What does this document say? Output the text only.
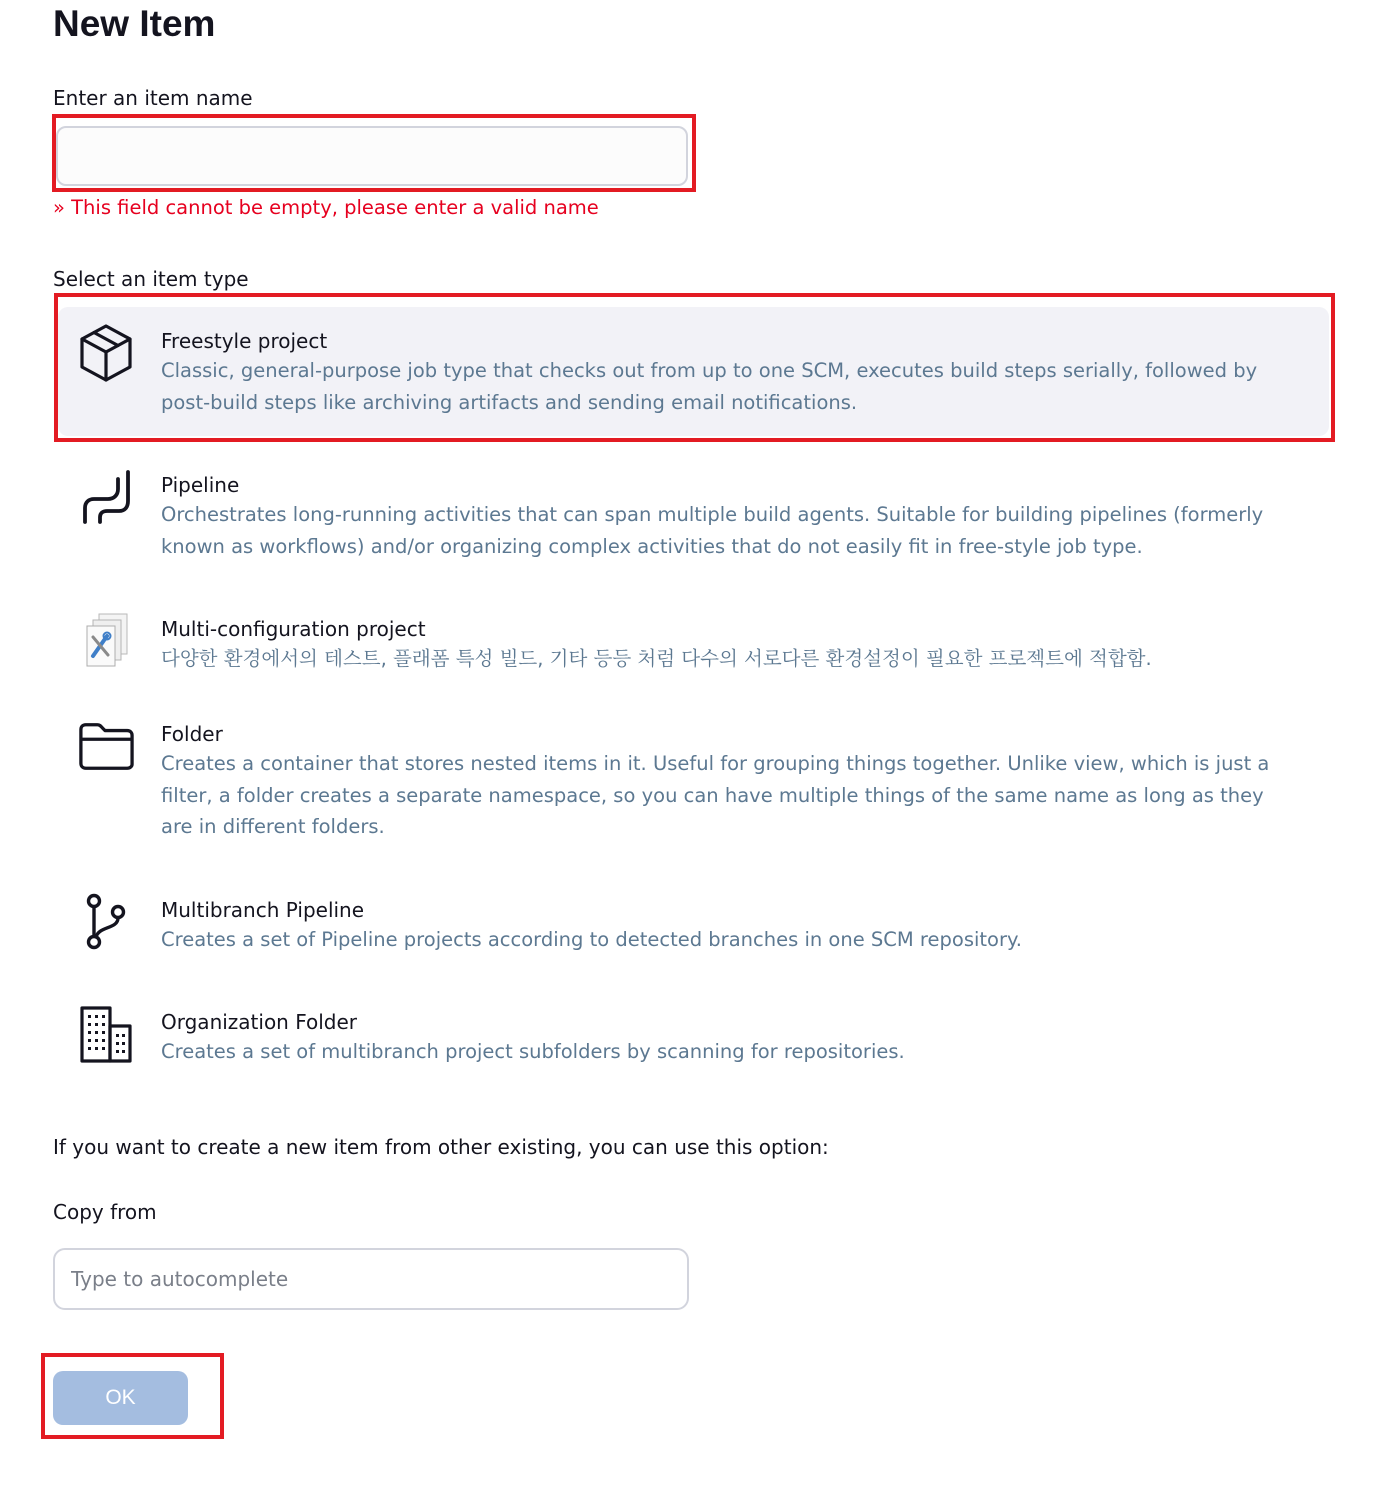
New Item
Enter an item name
» This field cannot be empty, please enter a valid name
Select an item type

Freestyle project

Classic, general-purpose job type that checks out from up to one SCM, executes build steps serially, followed by post-build steps like archiving artifacts and sending email notifications.

Pipeline

Orchestrates long-running activities that can span multiple build agents. Suitable for building pipelines (formerly known as workflows) and/or organizing complex activities that do not easily fit in free-style job type.

Multi-configuration project

다양한 환경에서의 테스트, 플래폼 특성 빌드, 기타 등등 처럼 다수의 서로다른 환경설정이 필요한 프로젝트에 적합함.

Folder

Creates a container that stores nested items in it. Useful for grouping things together. Unlike view, which is just a filter, a folder creates a separate namespace, so you can have multiple things of the same name as long as they are in different folders.

Multibranch Pipeline

Creates a set of Pipeline projects according to detected branches in one SCM repository.

Organization Folder

Creates a set of multibranch project subfolders by scanning for repositories.

If you want to create a new item from other existing, you can use this option:
Copy from
Type to autocomplete
OK
